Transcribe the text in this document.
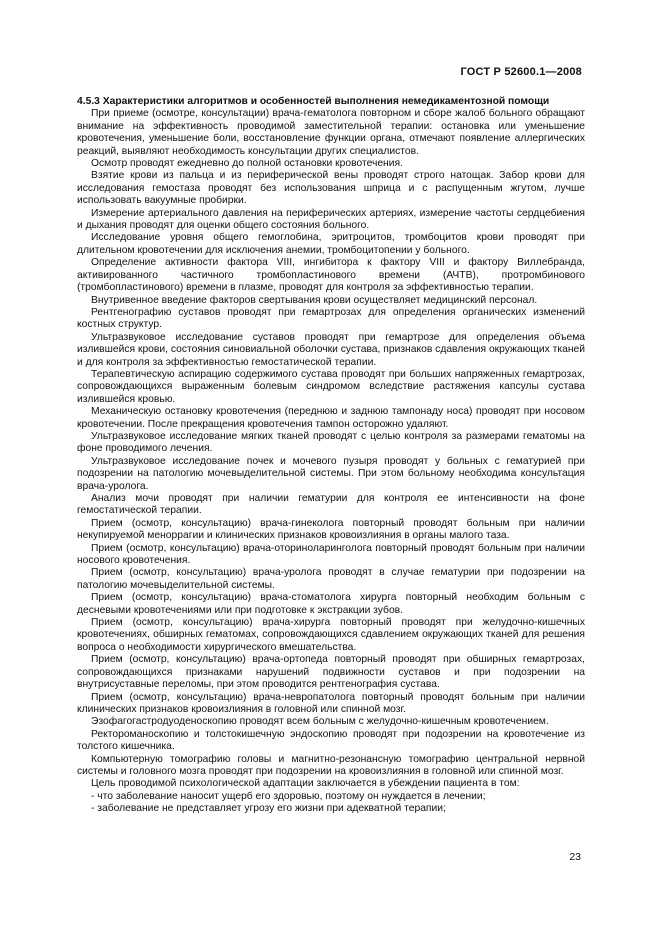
ГОСТ Р 52600.1—2008

4.5.3 Характеристики алгоритмов и особенностей выполнения немедикаментозной помощи

При приеме (осмотре, консультации) врача-гематолога повторном и сборе жалоб больного обращают внимание на эффективность проводимой заместительной терапии: остановка или уменьшение кровотечения, уменьшение боли, восстановление функции органа, отмечают появление аллергических реакций, выявляют необходимость консультации других специалистов.

Осмотр проводят ежедневно до полной остановки кровотечения.

Взятие крови из пальца и из периферической вены проводят строго натощак. Забор крови для исследования гемостаза проводят без использования шприца и с распущенным жгутом, лучше использовать вакуумные пробирки.

Измерение артериального давления на периферических артериях, измерение частоты сердцебиения и дыхания проводят для оценки общего состояния больного.

Исследование уровня общего гемоглобина, эритроцитов, тромбоцитов крови проводят при длительном кровотечении для исключения анемии, тромбоцитопении у больного.

Определение активности фактора VIII, ингибитора к фактору VIII и фактору Виллебранда, активированного частичного тромбопластинового времени (АЧТВ), протромбинового (тромбопластинового) времени в плазме, проводят для контроля за эффективностью терапии.

Внутривенное введение факторов свертывания крови осуществляет медицинский персонал.

Рентгенографию суставов проводят при гемартрозах для определения органических изменений костных структур.

Ультразвуковое исследование суставов проводят при гемартрозе для определения объема излившейся крови, состояния синовиальной оболочки сустава, признаков сдавления окружающих тканей и для контроля за эффективностью гемостатической терапии.

Терапевтическую аспирацию содержимого сустава проводят при больших напряженных гемартрозах, сопровождающихся выраженным болевым синдромом вследствие растяжения капсулы сустава излившейся кровью.

Механическую остановку кровотечения (переднюю и заднюю тампонаду носа) проводят при носовом кровотечении. После прекращения кровотечения тампон осторожно удаляют.

Ультразвуковое исследование мягких тканей проводят с целью контроля за размерами гематомы на фоне проводимого лечения.

Ультразвуковое исследование почек и мочевого пузыря проводят у больных с гематурией при подозрении на патологию мочевыделительной системы. При этом больному необходима консультация врача-уролога.

Анализ мочи проводят при наличии гематурии для контроля ее интенсивности на фоне гемостатической терапии.

Прием (осмотр, консультацию) врача-гинеколога повторный проводят больным при наличии некупируемой меноррагии и клинических признаков кровоизлияния в органы малого таза.

Прием (осмотр, консультацию) врача-оториноларинголога повторный проводят больным при наличии носового кровотечения.

Прием (осмотр, консультацию) врача-уролога проводят в случае гематурии при подозрении на патологию мочевыделительной системы.

Прием (осмотр, консультацию) врача-стоматолога хирурга повторный необходим больным с десневыми кровотечениями или при подготовке к экстракции зубов.

Прием (осмотр, консультацию) врача-хирурга повторный проводят при желудочно-кишечных кровотечениях, обширных гематомах, сопровождающихся сдавлением окружающих тканей для решения вопроса о необходимости хирургического вмешательства.

Прием (осмотр, консультацию) врача-ортопеда повторный проводят при обширных гемартрозах, сопровождающихся признаками нарушений подвижности суставов и при подозрении на внутрисуставные переломы, при этом проводится рентгенография сустава.

Прием (осмотр, консультацию) врача-невропатолога повторный проводят больным при наличии клинических признаков кровоизлияния в головной или спинной мозг.

Эзофагогастродуоденоскопию проводят всем больным с желудочно-кишечным кровотечением.

Ректороманоскопию и толстокишечную эндоскопию проводят при подозрении на кровотечение из толстого кишечника.

Компьютерную томографию головы и магнитно-резонансную томографию центральной нервной системы и головного мозга проводят при подозрении на кровоизлияния в головной или спинной мозг.

Цель проводимой психологической адаптации заключается в убеждении пациента в том:

- что заболевание наносит ущерб его здоровью, поэтому он нуждается в лечении;

- заболевание не представляет угрозу его жизни при адекватной терапии;

23
